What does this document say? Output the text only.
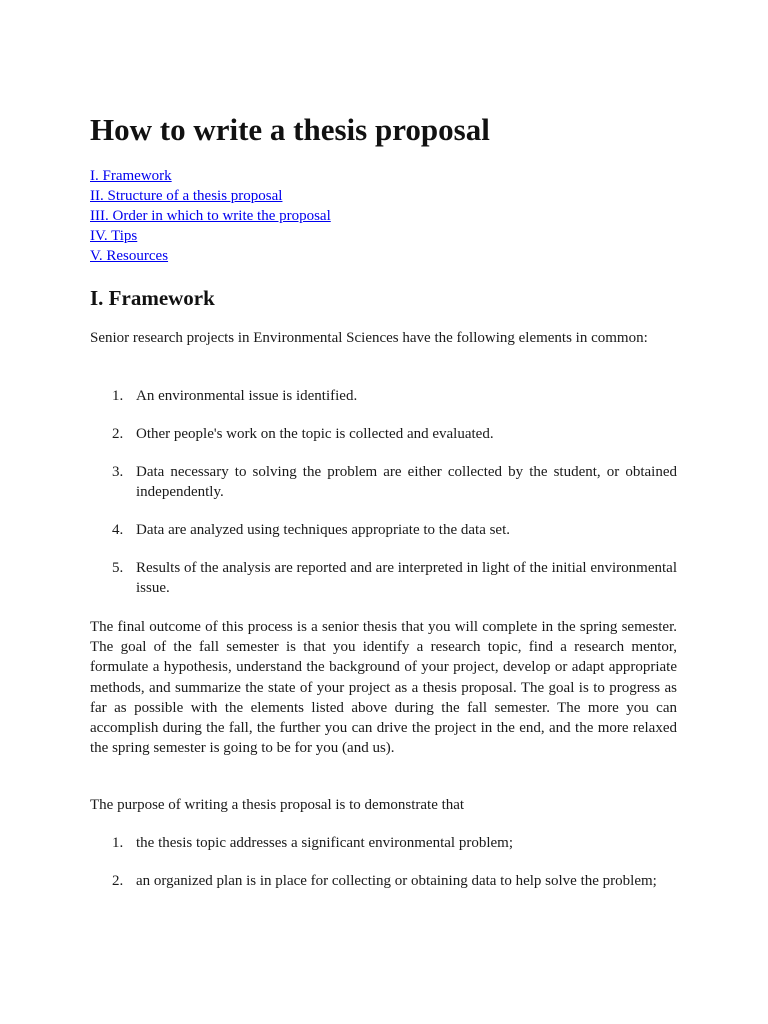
How to write a thesis proposal
I. Framework
II. Structure of a thesis proposal
III. Order in which to write the proposal
IV. Tips
V. Resources
I. Framework

Senior research projects in Environmental Sciences have the following elements in common:

1. An environmental issue is identified.
2. Other people's work on the topic is collected and evaluated.
3. Data necessary to solving the problem are either collected by the student, or obtained independently.
4. Data are analyzed using techniques appropriate to the data set.
5. Results of the analysis are reported and are interpreted in light of the initial environmental issue.

The final outcome of this process is a senior thesis that you will complete in the spring semester. The goal of the fall semester is that you identify a research topic, find a research mentor, formulate a hypothesis, understand the background of your project, develop or adapt appropriate methods, and summarize the state of your project as a thesis proposal. The goal is to progress as far as possible with the elements listed above during the fall semester. The more you can accomplish during the fall, the further you can drive the project in the end, and the more relaxed the spring semester is going to be for you (and us).

The purpose of writing a thesis proposal is to demonstrate that

1. the thesis topic addresses a significant environmental problem;
2. an organized plan is in place for collecting or obtaining data to help solve the problem;
